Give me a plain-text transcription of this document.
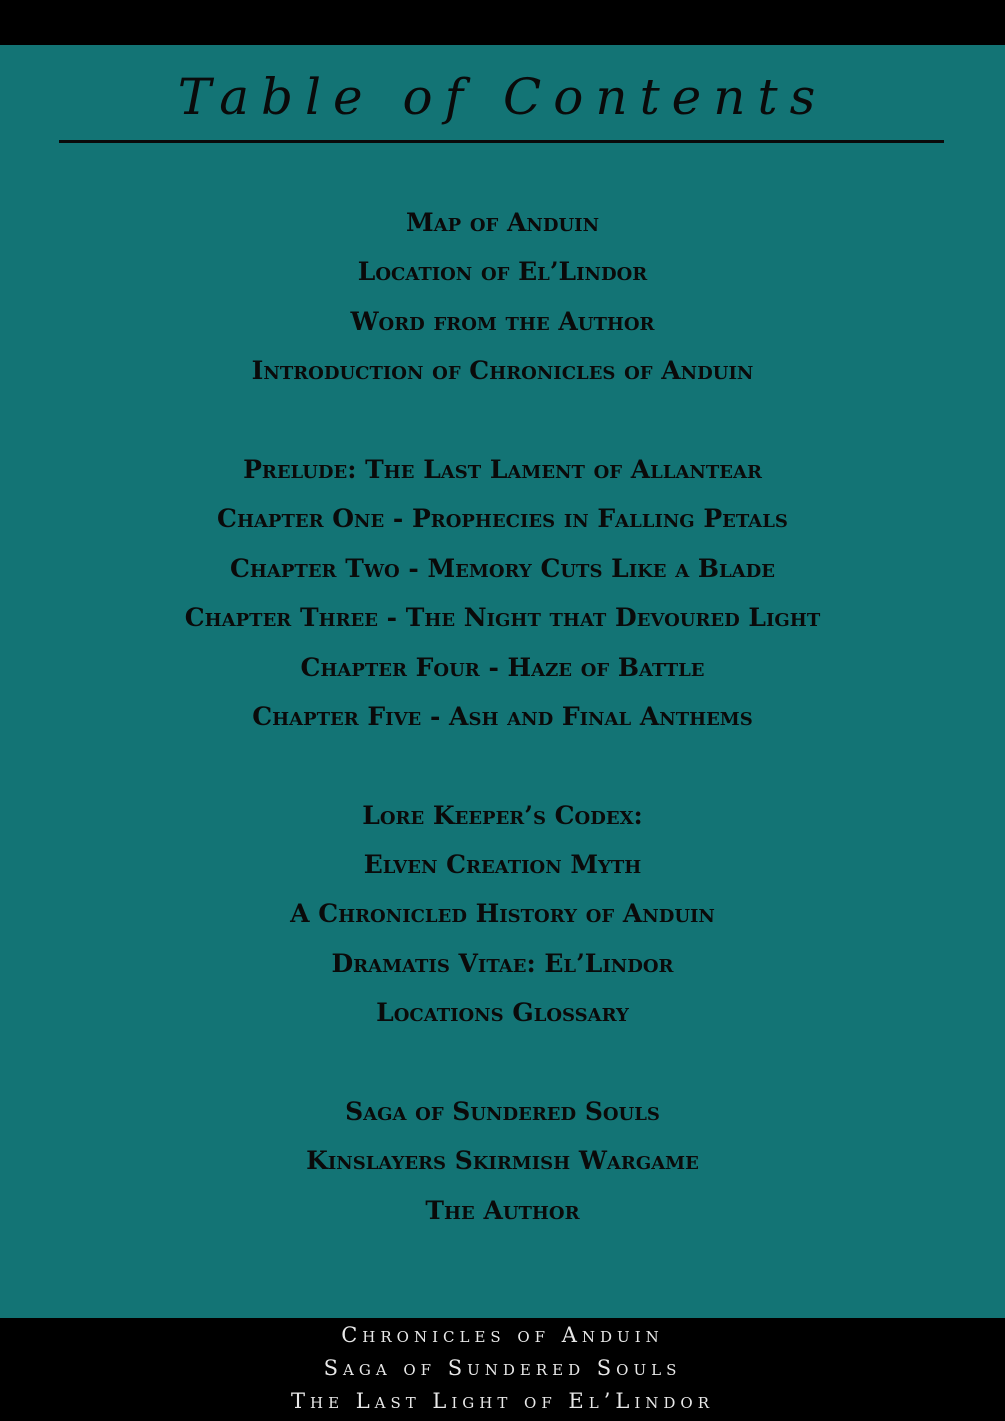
Table of Contents
Map of Anduin
Location of El’Lindor
Word from the Author
Introduction of Chronicles of Anduin
Prelude: The Last Lament of Allantear
Chapter One - Prophecies in Falling Petals
Chapter Two - Memory Cuts Like a Blade
Chapter Three - The Night that Devoured Light
Chapter Four - Haze of Battle
Chapter Five - Ash and Final Anthems
Lore Keeper’s Codex:
Elven Creation Myth
A Chronicled History of Anduin
Dramatis Vitae: El’Lindor
Locations Glossary
Saga of Sundered Souls
Kinslayers Skirmish Wargame
The Author
Chronicles of Anduin
Saga of Sundered Souls
The Last Light of El’Lindor
